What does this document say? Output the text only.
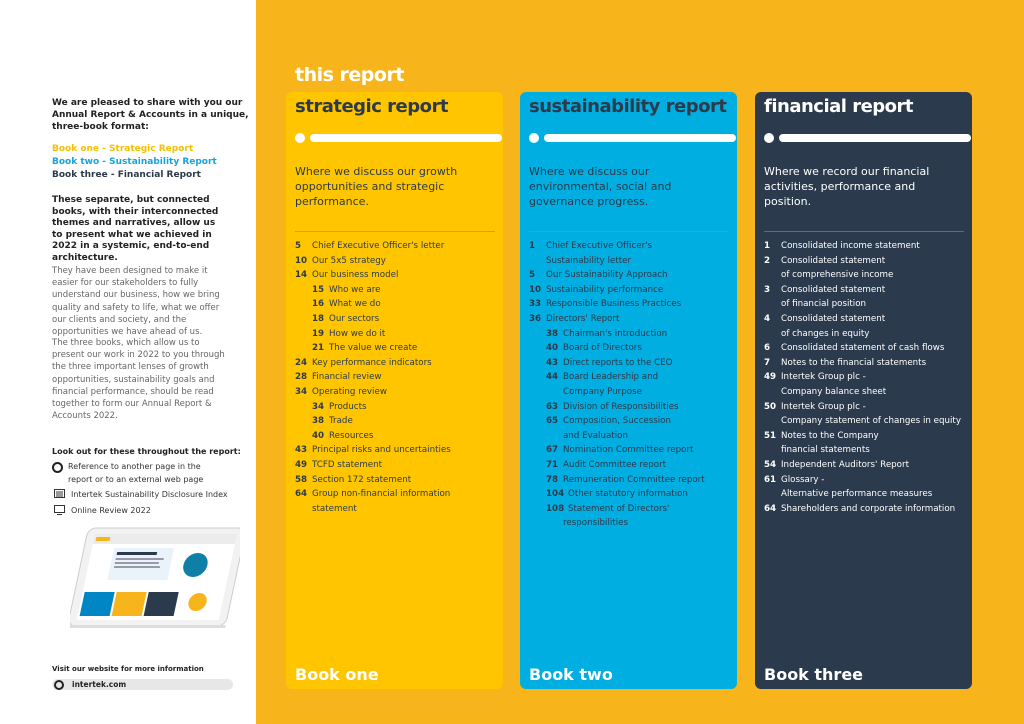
We are pleased to share with you our Annual Report & Accounts in a unique, three-book format:
Book one - Strategic Report
Book two - Sustainability Report
Book three - Financial Report
These separate, but connected books, with their interconnected themes and narratives, allow us to present what we achieved in 2022 in a systemic, end-to-end architecture.
They have been designed to make it easier for our stakeholders to fully understand our business, how we bring quality and safety to life, what we offer our clients and society, and the opportunities we have ahead of us.
The three books, which allow us to present our work in 2022 to you through the three important lenses of growth opportunities, sustainability goals and financial performance, should be read together to form our Annual Report & Accounts 2022.
Look out for these throughout the report:
Reference to another page in the report or to an external web page
Intertek Sustainability Disclosure Index
Online Review 2022
Visit our website for more information
intertek.com
this report
strategic report
Where we discuss our growth opportunities and strategic performance.
5	Chief Executive Officer's letter
10 Our 5x5 strategy
14 Our business model
15 Who we are
16 What we do
18 Our sectors
19 How we do it
21 The value we create
24 Key performance indicators
28 Financial review
34 Operating review
34 Products
38 Trade
40 Resources
43 Principal risks and uncertainties
49 TCFD statement
58 Section 172 statement
64 Group non-financial information
statement
Book one
sustainability report
Where we discuss our environmental, social and governance progress.
1	Chief Executive Officer's
Sustainability letter
5	Our Sustainability Approach
10 Sustainability performance
33 Responsible Business Practices
36 Directors' Report
38 Chairman's introduction
40 Board of Directors
43 Direct reports to the CEO
44 Board Leadership and
Company Purpose
63 Division of Responsibilities
65 Composition, Succession
and Evaluation
67 Nomination Committee report
71 Audit Committee report
78 Remuneration Committee report
104 Other statutory information
108 Statement of Directors'
responsibilities
Book two
financial report
Where we record our financial activities, performance and position.
1	Consolidated income statement
2	Consolidated statement
of comprehensive income
3	Consolidated statement
of financial position
4	Consolidated statement
of changes in equity
6	Consolidated statement of cash flows
7	Notes to the financial statements
49 Intertek Group plc -
Company balance sheet
50 Intertek Group plc -
Company statement of changes in equity
51 Notes to the Company
financial statements
54 Independent Auditors' Report
61 Glossary -
Alternative performance measures
64 Shareholders and corporate information
Book three
